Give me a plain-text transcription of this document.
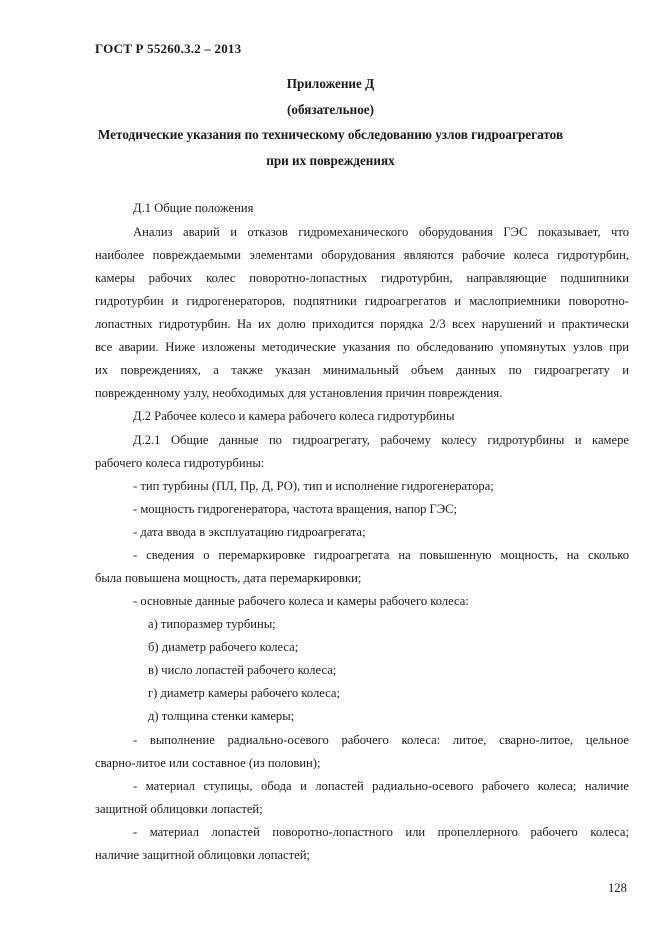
ГОСТ Р 55260.3.2 – 2013
Приложение Д
(обязательное)
Методические указания по техническому обследованию узлов гидроагрегатов
при их повреждениях
Д.1 Общие положения
Анализ аварий и отказов гидромеханического оборудования ГЭС показывает, что
наиболее повреждаемыми элементами оборудования являются рабочие колеса гидротурбин,
камеры рабочих колес поворотно-лопастных гидротурбин, направляющие подшипники
гидротурбин и гидрогенераторов, подпятники гидроагрегатов и маслоприемники поворотно-
лопастных гидротурбин. На их долю приходится порядка 2/3 всех нарушений и практически
все аварии. Ниже изложены методические указания по обследованию упомянутых узлов при
их повреждениях, а также указан минимальный объем данных по гидроагрегату и
поврежденному узлу, необходимых для установления причин повреждения.
Д.2 Рабочее колесо и камера рабочего колеса гидротурбины
Д.2.1 Общие данные по гидроагрегату, рабочему колесу гидротурбины и камере
рабочего колеса гидротурбины:
- тип турбины (ПЛ, Пр, Д, РО), тип и исполнение гидрогенератора;
- мощность гидрогенератора, частота вращения, напор ГЭС;
- дата ввода в эксплуатацию гидроагрегата;
- сведения о перемаркировке гидроагрегата на повышенную мощность, на сколько
была повышена мощность, дата перемаркировки;
- основные данные рабочего колеса и камеры рабочего колеса:
а) типоразмер турбины;
б) диаметр рабочего колеса;
в) число лопастей рабочего колеса;
г) диаметр камеры рабочего колеса;
д) толщина стенки камеры;
- выполнение радиально-осевого рабочего колеса: литое, сварно-литое, цельное
сварно-литое или составное (из половин);
- материал ступицы, обода и лопастей радиально-осевого рабочего колеса; наличие
защитной облицовки лопастей;
- материал лопастей поворотно-лопастного или пропеллерного рабочего колеса;
наличие защитной облицовки лопастей;
128
